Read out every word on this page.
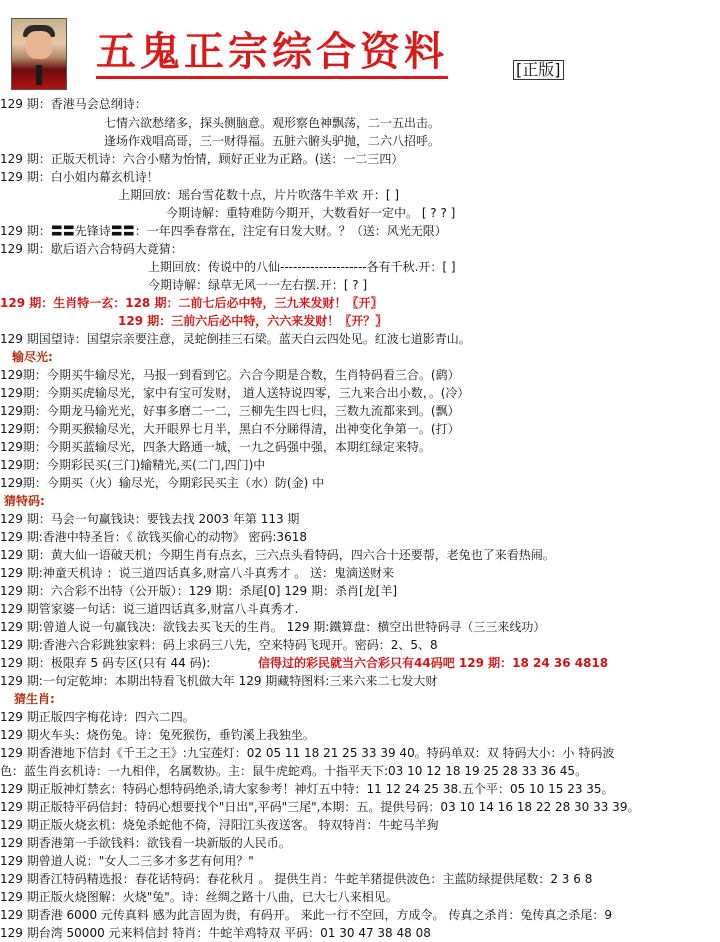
五鬼正宗综合资料	[正版]
129 期：香港马会总纲诗：
七情六欲愁绪多，探头侧脑意。观形察色神飘荡，二一五出击。
逢场作戏唱高哥，三一财得福。五脏六腑头驴抛，二六八招呼。
129 期：正版天机诗：六合小赌为怡情，顾好正业为正路。(送：一二三四）
129 期：白小姐内幕玄机诗！
上期回放：瑶台雪花数十点，片片吹落牛羊欢 开：[ ]
今期诗解：重特难防今期开，大数看好一定中。 [ ? ? ]
129 期：〓〓先锋诗〓〓：一年四季春常在，注定有日发大财。？（送：风光无限）
129 期：歇后语六合特码大竟猜：
上期回放：传说中的八仙--------------------各有千秋.开：[ ]
今期诗解：绿草无风一一左右摆.开：[ ? ]
129 期：生肖特一玄：128 期：二前七后必中特，三九来发财！〖开〗
129 期：三前六后必中特，六六来发财！〖开？〗
129 期国望诗：国望宗亲要注意，灵蛇倒挂三石梁。蓝天白云四处见。红波七道影青山。
输尽光:
129期：今期买牛输尽光，马报一到看到它。六合今期是合数，生肖特码看三合。(鹞）
129期：今期买虎输尽光，家中有宝可发财， 道人送特说四零，三九来合出小数，。(冷）
129期：今期龙马输光光，好事多磨二一二，三柳先生四七归，三数九流都来到。(飘）
129期：今期买猴输尽光，大开眼界七月半，黑白不分睇得清，出神变化争第一。(打）
129期：今期买蓝输尽光，四条大路通一城，一九之码强中强，本期红绿定来特。
129期：今期彩民买(三门)输精光,买(二门,四门)中
129期：今期买（火）输尽光，今期彩民买主（水）防(金) 中
猜特码:
129 期：马会一句赢钱诀：要钱去找 2003 年第 113 期
129 期:香港中特圣旨：《 欲钱买偷心的动物》 密码:3618
129 期：黄大仙一语破天机；今期生肖有点玄，三六点头看特码，四六合十还要帮，老兔也了来看热闹。
129 期:神童天机诗 ：说三道四话真多,财富八斗真秀才 。 送：鬼滴送财来
129 期：六合彩不出特（公开版）：129 期：杀尾[0] 129 期：杀肖[龙[羊]
129 期管家婆一句话：说三道四话真多,财富八斗真秀才.
129 期:曾道人说一句赢钱决：欲钱去买飞天的生肖。 129 期:鐵算盘：横空出世特码寻（三三来线功）
129 期:香港六合彩跳独家料：码上求码三八先，空来特码飞现开。密码：2、5、8
129 期：极限弃 5 码专区(只有 44 码):	信得过的彩民就当六合彩只有44码吧 129 期：18 24 36 4818
129 期:一句定乾坤：本期出特看飞机做大年 129 期藏特图料:三来六来二七发大财
猜生肖:
129 期正版四字梅花诗：四六二四。
129 期火车头：烧伤兔。诗：兔死猴伤，垂钓溪上我独坐。
129 期香港地下信封《千王之王》:九宝莲灯：02 05 11 18 21 25 33 39 40。特码单双：双 特码大小：小 特码波
色：蓝生肖玄机诗：一九相伴，名属数协。主：鼠牛虎蛇鸡。十指平天下:03 10 12 18 19 25 28 33 36 45。
129 期正版神灯禁玄：特码心想特码绝杀,请大家参考！神灯五中特：11 12 24 25 38.五个平：05 10 15 23 35。
129 期正版特平码信封：特码心想要找个"日出",平码"三尾",本期：五。提供号码：03 10 14 16 18 22 28 30 33 39。
129 期正版火烧玄机：烧兔杀蛇他不倚，浔阳江头夜送客。 特双特肖：牛蛇马羊狗
129 期香港第一手欲钱料：欲钱看一块新版的人民币。
129 期曾道人说："女人二三多才多艺有何用？"
129 期香江特码精选报：春花话特码：春花秋月 。 提供生肖：牛蛇羊猪提供波色：主蓝防绿提供尾数：2 3 6 8
129 期正版火烧图解：火烧"兔"。诗：丝绸之路十八曲，已大七八来相见。
129 期香港 6000 元传真料 感为此言固为贵，有码开。 来此一行不空回，方成令。 传真之杀肖：兔传真之杀尾：9
129 期台湾 50000 元来料信封 特肖：牛蛇羊鸡特双 平码：01 30 47 38 48 08
